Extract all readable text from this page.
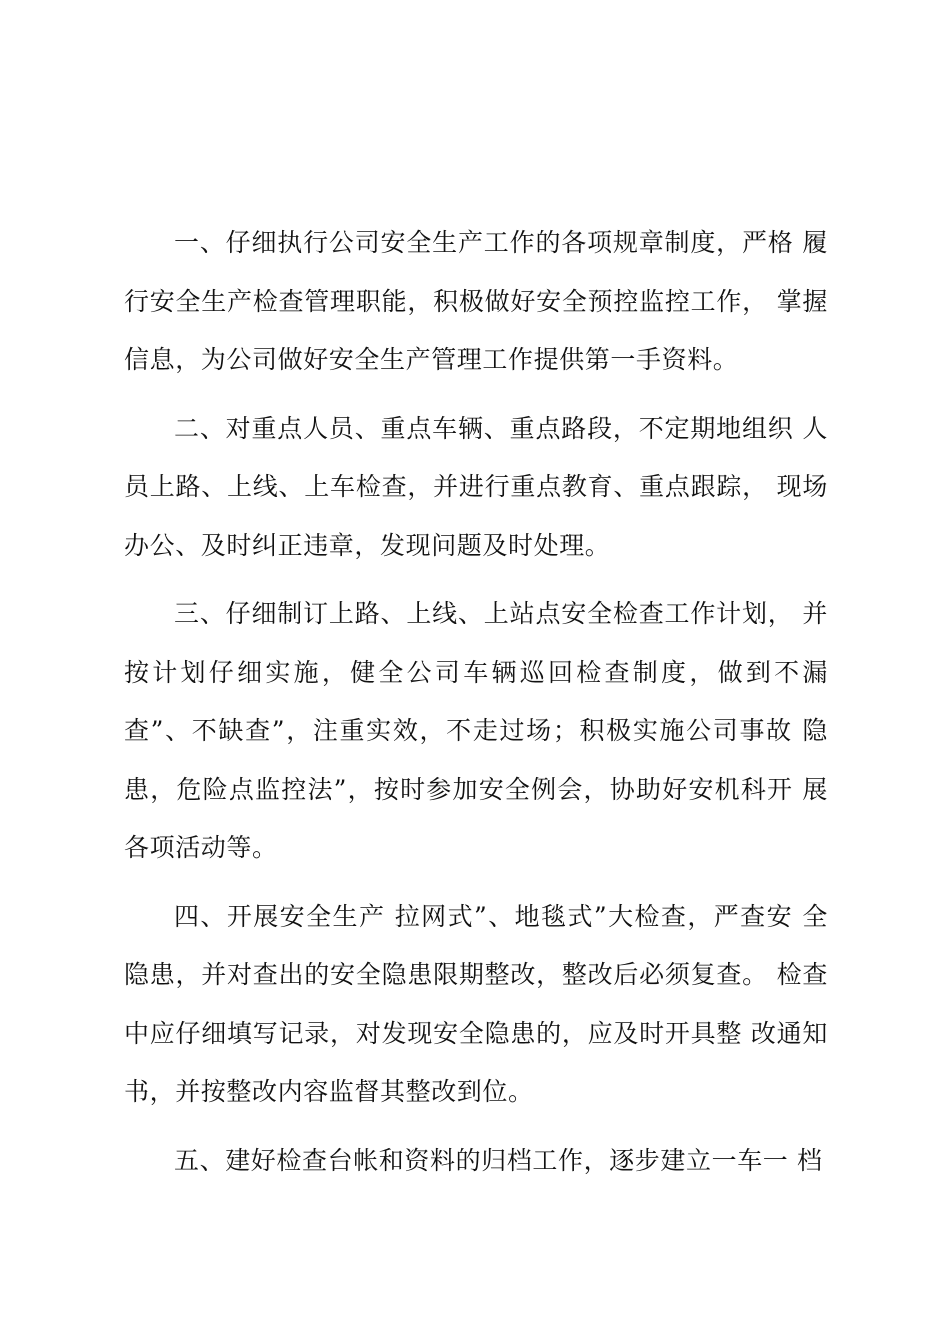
一、仔细执行公司安全生产工作的各项规章制度，严格 履行安全生产检查管理职能，积极做好安全预控监控工作， 掌握信息，为公司做好安全生产管理工作提供第一手资料。

二、对重点人员、重点车辆、重点路段，不定期地组织 人员上路、上线、上车检查，并进行重点教育、重点跟踪， 现场办公、及时纠正违章，发现问题及时处理。

三、仔细制订上路、上线、上站点安全检查工作计划， 并按计划仔细实施，健全公司车辆巡回检查制度，做到不漏查”、不缺查”，注重实效，不走过场；积极实施公司事故 隐患，危险点监控法”，按时参加安全例会，协助好安机科开 展各项活动等。

四、开展安全生产 拉网式”、地毯式”大检查，严查安 全隐患，并对查出的安全隐患限期整改，整改后必须复查。 检查中应仔细填写记录，对发现安全隐患的，应及时开具整 改通知书，并按整改内容监督其整改到位。

五、建好检查台帐和资料的归档工作，逐步建立一车一 档
